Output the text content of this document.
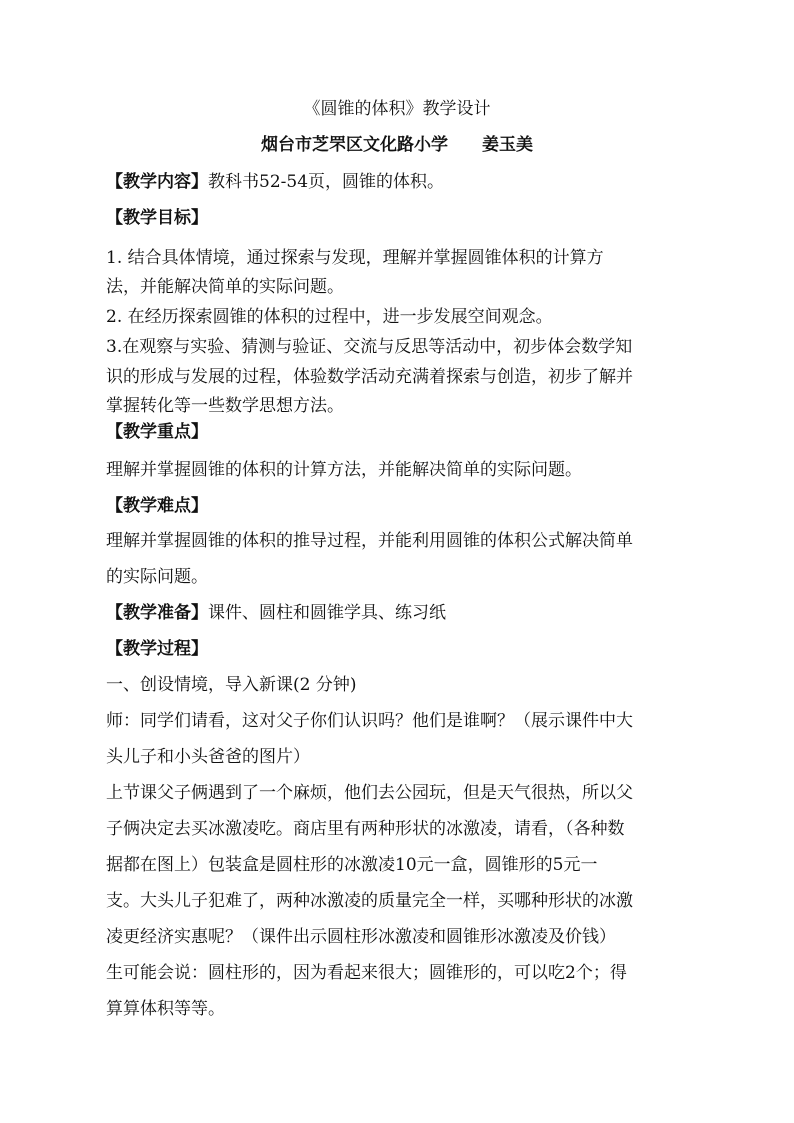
《圆锥的体积》教学设计
烟台市芝罘区文化路小学 姜玉美
【教学内容】教科书52-54页，圆锥的体积。
【教学目标】
1. 结合具体情境，通过探索与发现，理解并掌握圆锥体积的计算方
法，并能解决简单的实际问题。
2. 在经历探索圆锥的体积的过程中，进一步发展空间观念。
3.在观察与实验、猜测与验证、交流与反思等活动中，初步体会数学知
识的形成与发展的过程，体验数学活动充满着探索与创造，初步了解并
掌握转化等一些数学思想方法。
【教学重点】
理解并掌握圆锥的体积的计算方法，并能解决简单的实际问题。
【教学难点】
理解并掌握圆锥的体积的推导过程，并能利用圆锥的体积公式解决简单
的实际问题。
【教学准备】课件、圆柱和圆锥学具、练习纸
【教学过程】
一、创设情境，导入新课(2 分钟)
师：同学们请看，这对父子你们认识吗？他们是谁啊？（展示课件中大
头儿子和小头爸爸的图片）
上节课父子俩遇到了一个麻烦，他们去公园玩，但是天气很热，所以父
子俩决定去买冰激凌吃。商店里有两种形状的冰激凌，请看，（各种数
据都在图上）包装盒是圆柱形的冰激凌10元一盒，圆锥形的5元一
支。大头儿子犯难了，两种冰激凌的质量完全一样，买哪种形状的冰激
凌更经济实惠呢？（课件出示圆柱形冰激凌和圆锥形冰激凌及价钱）
生可能会说：圆柱形的，因为看起来很大；圆锥形的，可以吃2个；得
算算体积等等。
